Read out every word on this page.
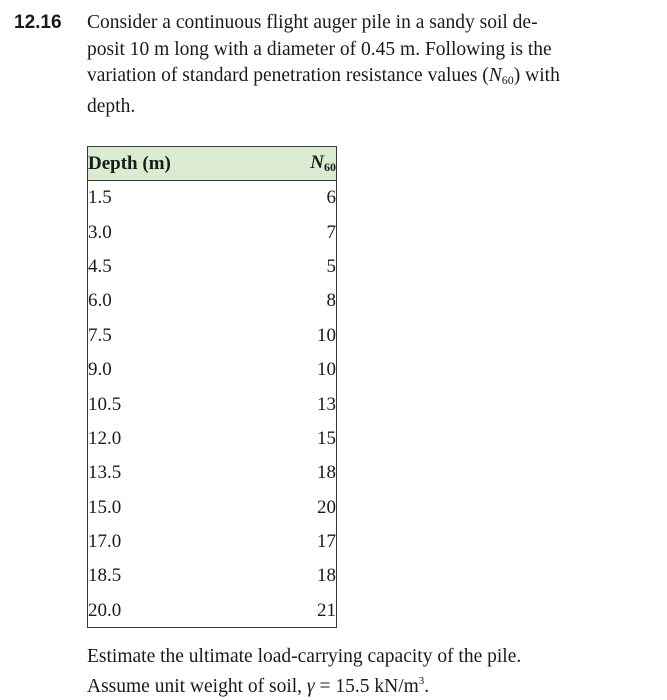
12.16 Consider a continuous flight auger pile in a sandy soil de-
posit 10 m long with a diameter of 0.45 m. Following is the
variation of standard penetration resistance values $(N_{60})$ with
depth.
Depth (m)	$N_{60}$
1.5	6
3.0	7
4.5	5
6.0	8
7.5	10
9.0	10
10.5	13
12.0	15
13.5	18
15.0	20
17.0	17
18.5	18
20.0	21
Estimate the ultimate load-carrying capacity of the pile.
Assume unit weight of soil, γ = 15.5 $kN/m^3$.
